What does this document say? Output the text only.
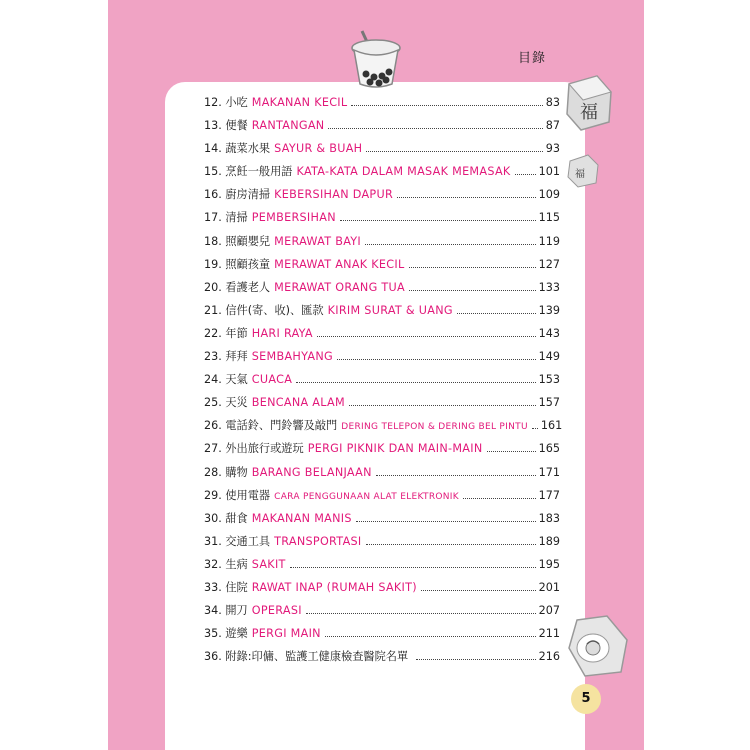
福
福
目錄
12.
小吃 MAKANAN KECIL	83
13.
便餐 RANTANGAN	87
14.
蔬菜水果 SAYUR & BUAH	93
15.
烹飪一般用語 KATA-KATA DALAM MASAK MEMASAK	101
16.
廚房清掃 KEBERSIHAN DAPUR	109
17.
清掃 PEMBERSIHAN	115
18.
照顧嬰兒 MERAWAT BAYI	119
19.
照顧孩童 MERAWAT ANAK KECIL	127
20.
看護老人 MERAWAT ORANG TUA	133
21.
信件(寄、收)、匯款 KIRIM SURAT & UANG	139
22.
年節 HARI RAYA	143
23.
拜拜 SEMBAHYANG	149
24.
天氣 CUACA	153
25.
天災 BENCANA ALAM	157
26.
電話鈴、門鈴響及敲門 DERING TELEPON & DERING BEL PINTU 161
27.
外出旅行或遊玩 PERGI PIKNIK DAN MAIN-MAIN	165
28.
購物 BARANG BELANJAAN	171
29.
使用電器 CARA PENGGUNAAN ALAT ELEKTRONIK	177
30.
甜食 MAKANAN MANIS	183
31.
交通工具 TRANSPORTASI	189
32.
生病 SAKIT	195
33.
住院 RAWAT INAP (RUMAH SAKIT)	201
34.
開刀 OPERASI	207
35.
遊樂 PERGI MAIN	211
36.
附錄:印傭、監護工健康檢查醫院名單	216
5
